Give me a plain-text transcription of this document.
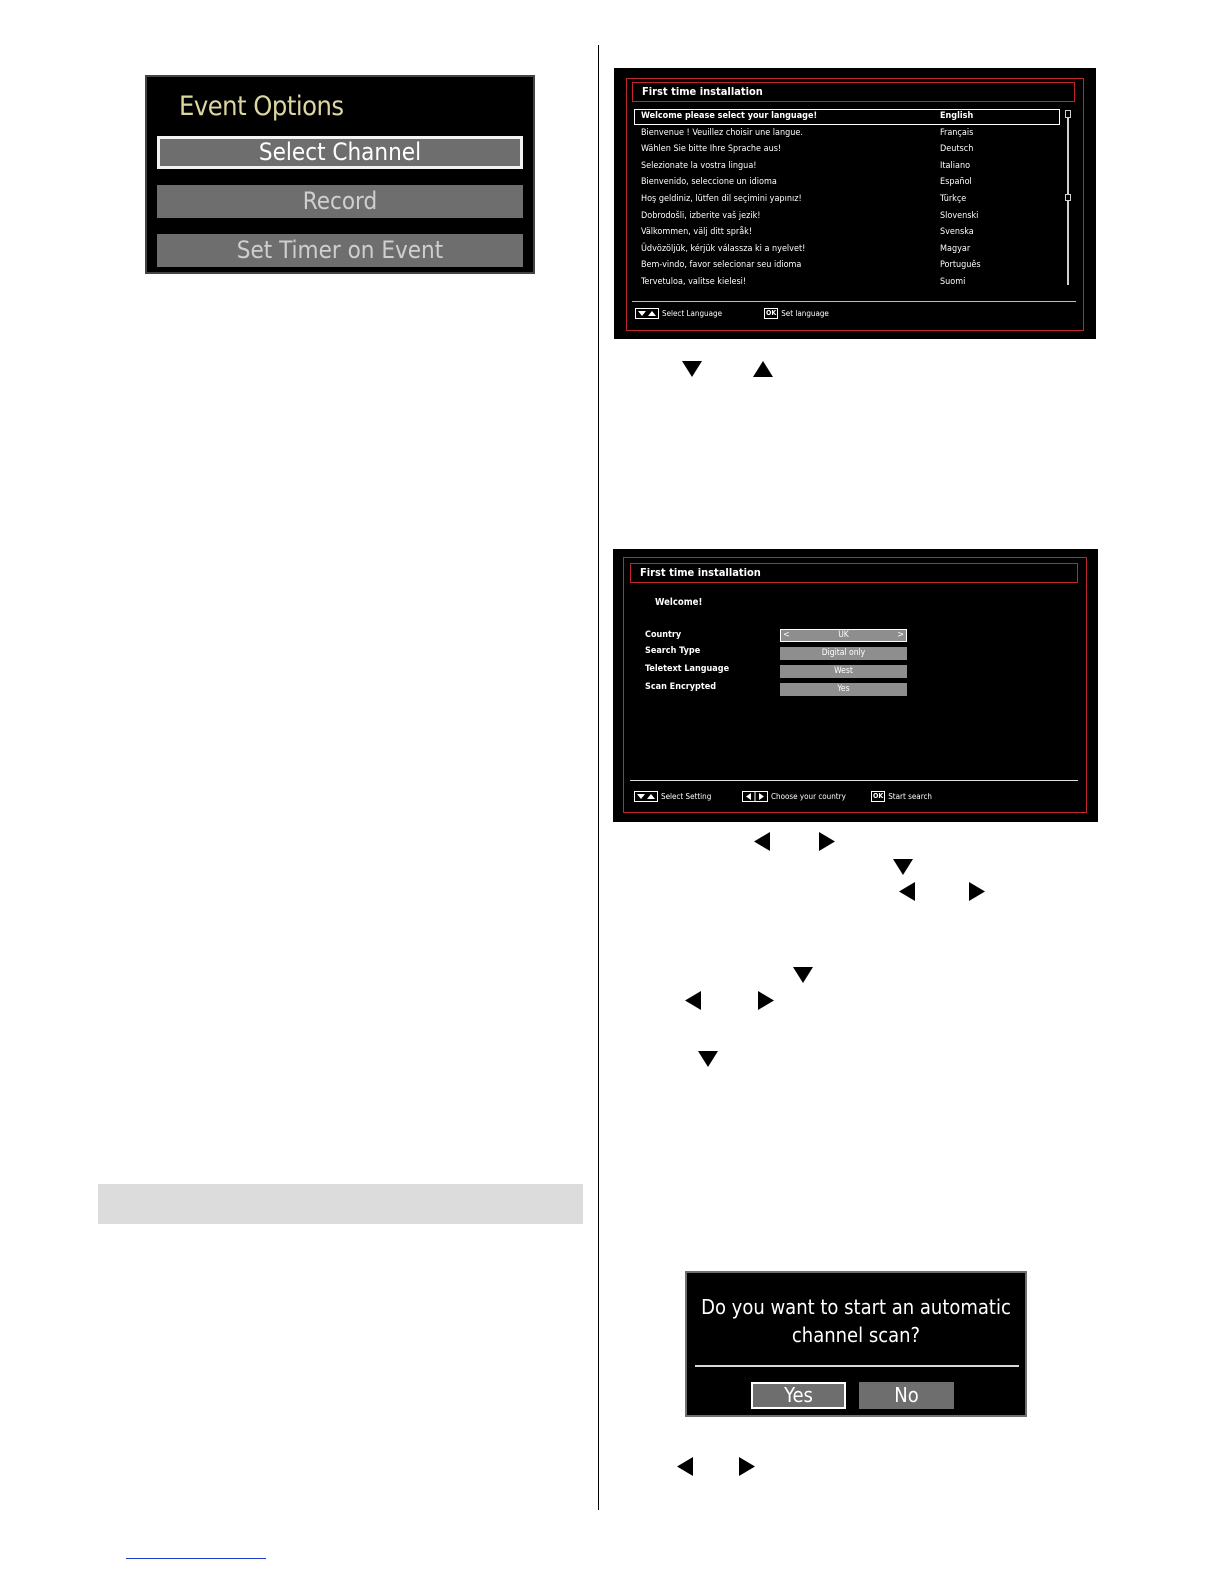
Event Options
Select Channel
Record
Set Timer on Event
First time installation
Welcome please select your language!	English
Bienvenue ! Veuillez choisir une langue.	Français
Wählen Sie bitte Ihre Sprache aus!	Deutsch
Selezionate la vostra lingua!	Italiano
Bienvenido, seleccione un idioma	Español
Hoş geldiniz, lütfen dil seçimini yapınız!	Türkçe
Dobrodošli, izberite vaš jezik!	Slovenski
Välkommen, välj ditt språk!	Svenska
Üdvözöljük, kérjük válassza ki a nyelvet!	Magyar
Bem-vindo, favor selecionar seu idioma	Português
Tervetuloa, valitse kielesi!	Suomi
Select Language	OK Set language
First time installation
Welcome!
Country	<	UK	>
Search Type	Digital only
Teletext Language	West
Scan Encrypted	Yes
Select Setting	Choose your country	OK Start search
Do you want to start an automatic channel scan?
Yes	No
